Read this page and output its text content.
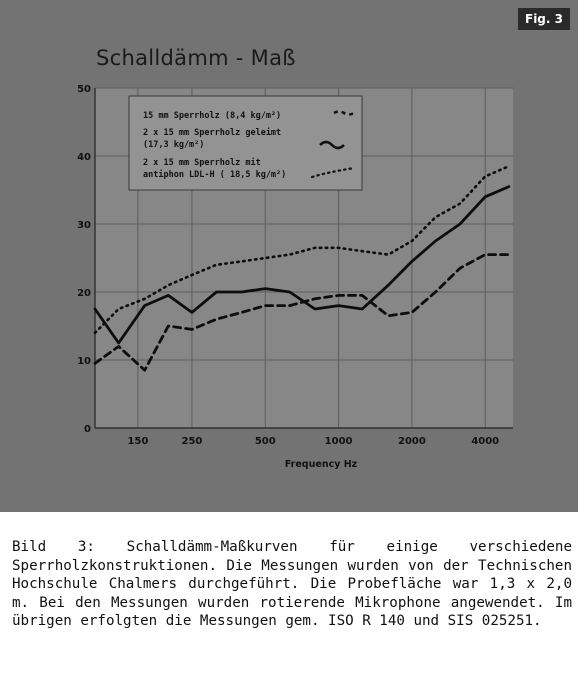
Fig. 3
Schalldämm - Maß
0
10
20
30
40
50
150	250	500	1000	2000	4000
Frequency Hz
15 mm Sperrholz (8,4 kg/m²)
2 x 15 mm Sperrholz geleimt (17,3 kg/m²)
2 x 15 mm Sperrholz mit antiphon LDL-H ( 18,5 kg/m²)
Bild 3: Schalldämm-Maßkurven für einige verschiedene Sperrholzkonstruktionen. Die Messungen wurden von der Technischen Hochschule Chalmers durchgeführt. Die Probefläche war 1,3 x 2,0 m. Bei den Messungen wurden rotierende Mikrophone angewendet. Im übrigen erfolgten die Messungen gem. ISO R 140 und SIS 025251.
